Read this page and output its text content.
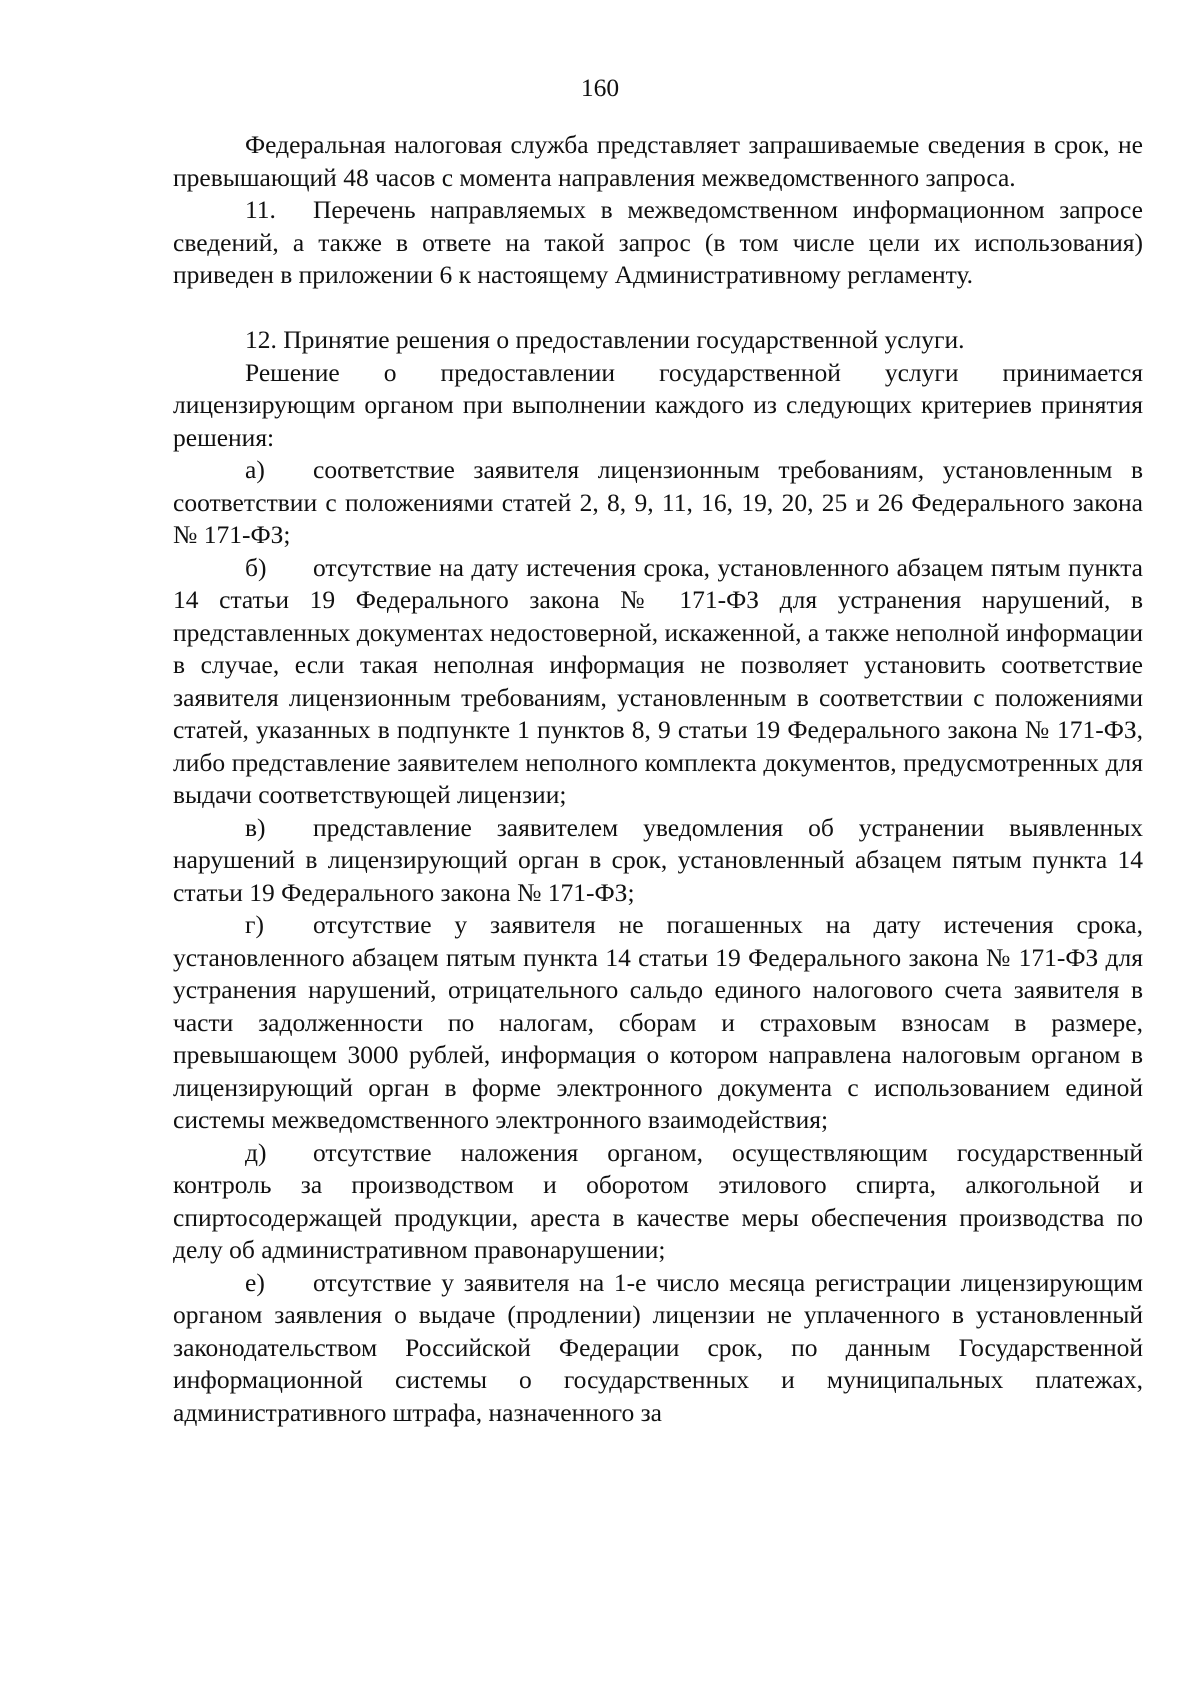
160

Федеральная налоговая служба представляет запрашиваемые сведения в срок, не превышающий 48 часов с момента направления межведомственного запроса.

11. Перечень направляемых в межведомственном информационном запросе сведений, а также в ответе на такой запрос (в том числе цели их использования) приведен в приложении 6 к настоящему Административному регламенту.

12. Принятие решения о предоставлении государственной услуги.

Решение о предоставлении государственной услуги принимается лицензирующим органом при выполнении каждого из следующих критериев принятия решения:

а) соответствие заявителя лицензионным требованиям, установленным в соответствии с положениями статей 2, 8, 9, 11, 16, 19, 20, 25 и 26 Федерального закона № 171-ФЗ;

б) отсутствие на дату истечения срока, установленного абзацем пятым пункта 14 статьи 19 Федерального закона № 171-ФЗ для устранения нарушений, в представленных документах недостоверной, искаженной, а также неполной информации в случае, если такая неполная информация не позволяет установить соответствие заявителя лицензионным требованиям, установленным в соответствии с положениями статей, указанных в подпункте 1 пунктов 8, 9 статьи 19 Федерального закона № 171-ФЗ, либо представление заявителем неполного комплекта документов, предусмотренных для выдачи соответствующей лицензии;

в) представление заявителем уведомления об устранении выявленных нарушений в лицензирующий орган в срок, установленный абзацем пятым пункта 14 статьи 19 Федерального закона № 171-ФЗ;

г) отсутствие у заявителя не погашенных на дату истечения срока, установленного абзацем пятым пункта 14 статьи 19 Федерального закона № 171-ФЗ для устранения нарушений, отрицательного сальдо единого налогового счета заявителя в части задолженности по налогам, сборам и страховым взносам в размере, превышающем 3000 рублей, информация о котором направлена налоговым органом в лицензирующий орган в форме электронного документа с использованием единой системы межведомственного электронного взаимодействия;

д) отсутствие наложения органом, осуществляющим государственный контроль за производством и оборотом этилового спирта, алкогольной и спиртосодержащей продукции, ареста в качестве меры обеспечения производства по делу об административном правонарушении;

е) отсутствие у заявителя на 1-е число месяца регистрации лицензирующим органом заявления о выдаче (продлении) лицензии не уплаченного в установленный законодательством Российской Федерации срок, по данным Государственной информационной системы о государственных и муниципальных платежах, административного штрафа, назначенного за
